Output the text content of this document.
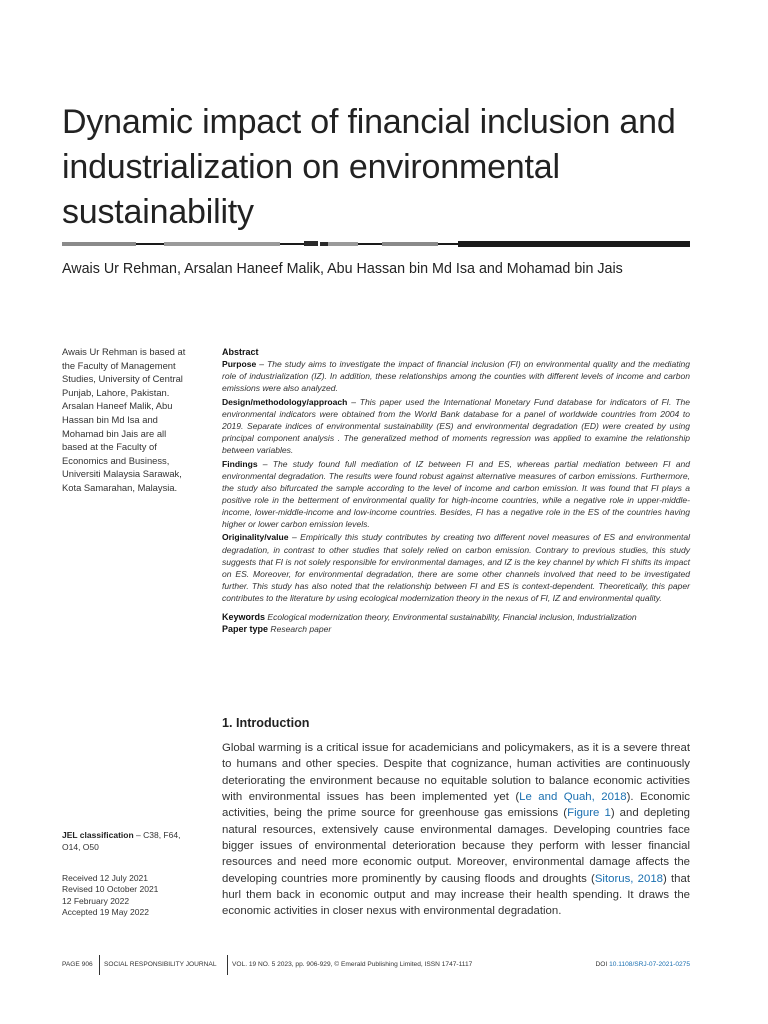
Dynamic impact of financial inclusion and industrialization on environmental sustainability
Awais Ur Rehman, Arsalan Haneef Malik, Abu Hassan bin Md Isa and Mohamad bin Jais
Awais Ur Rehman is based at the Faculty of Management Studies, University of Central Punjab, Lahore, Pakistan. Arsalan Haneef Malik, Abu Hassan bin Md Isa and Mohamad bin Jais are all based at the Faculty of Economics and Business, Universiti Malaysia Sarawak, Kota Samarahan, Malaysia.
JEL classification – C38, F64, O14, O50
Received 12 July 2021
Revised 10 October 2021
12 February 2022
Accepted 19 May 2022
Abstract

Purpose – The study aims to investigate the impact of financial inclusion (FI) on environmental quality and the mediating role of industrialization (IZ). In addition, these relationships among the counties with different levels of income and carbon emissions were also analyzed.

Design/methodology/approach – This paper used the International Monetary Fund database for indicators of FI. The environmental indicators were obtained from the World Bank database for a panel of worldwide countries from 2004 to 2019. Separate indices of environmental sustainability (ES) and environmental degradation (ED) were created by using principal component analysis . The generalized method of moments regression was applied to examine the relationship between variables.

Findings – The study found full mediation of IZ between FI and ES, whereas partial mediation between FI and environmental degradation. The results were found robust against alternative measures of carbon emissions. Furthermore, the study also bifurcated the sample according to the level of income and carbon emission. It was found that FI plays a positive role in the betterment of environmental quality for high-income countries, while a negative role in upper-middle-income, lower-middle-income and low-income countries. Besides, FI has a negative role in the ES of the countries having higher or lower carbon emission levels.

Originality/value – Empirically this study contributes by creating two different novel measures of ES and environmental degradation, in contrast to other studies that solely relied on carbon emission. Contrary to previous studies, this study suggests that FI is not solely responsible for environmental damages, and IZ is the key channel by which FI shifts its impact on ES. Moreover, for environmental degradation, there are some other channels involved that need to be investigated further. This study has also noted that the relationship between FI and ES is context-dependent. Theoretically, this paper contributes to the literature by using ecological modernization theory in the nexus of FI, IZ and environmental quality.

Keywords Ecological modernization theory, Environmental sustainability, Financial inclusion, Industrialization

Paper type Research paper

1. Introduction

Global warming is a critical issue for academicians and policymakers, as it is a severe threat to humans and other species. Despite that cognizance, human activities are continuously deteriorating the environment because no equitable solution to balance economic activities with environmental issues has been implemented yet (Le and Quah, 2018). Economic activities, being the prime source for greenhouse gas emissions (Figure 1) and depleting natural resources, extensively cause environmental damages. Developing countries face bigger issues of environmental deterioration because they perform with lesser financial resources and need more economic output. Moreover, environmental damage affects the developing countries more prominently by causing floods and droughts (Sitorus, 2018) that hurl them back in economic output and may increase their health spending. It draws the economic activities in closer nexus with environmental degradation.

PAGE 906 SOCIAL RESPONSIBILITY JOURNAL VOL. 19 NO. 5 2023, pp. 906-929, © Emerald Publishing Limited, ISSN 1747-1117	DOI 10.1108/SRJ-07-2021-0275
